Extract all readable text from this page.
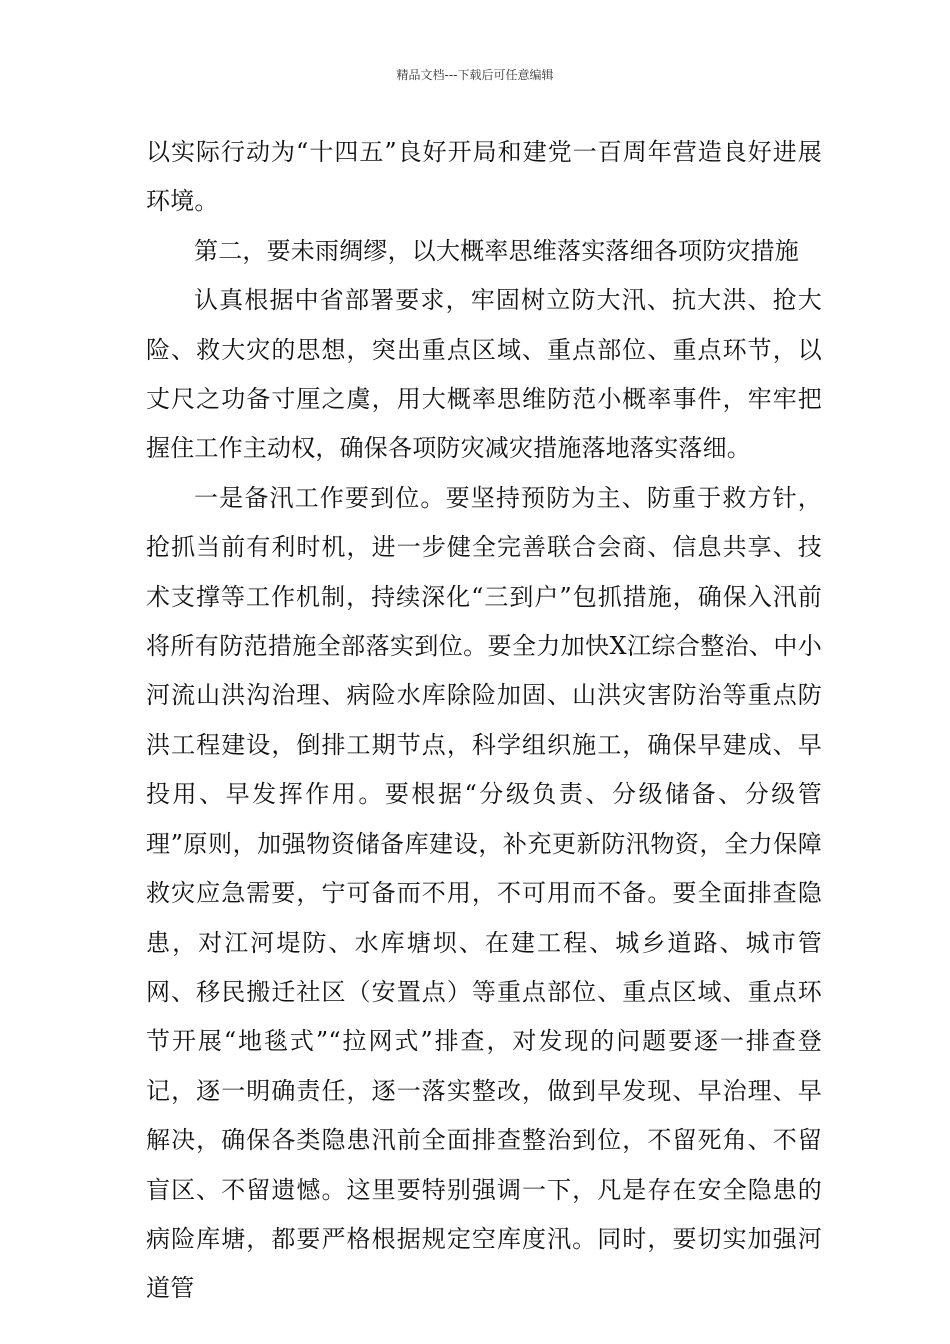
精品文档---下载后可任意编辑

以实际行动为“十四五”良好开局和建党一百周年营造良好进展环境。

第二，要未雨绸缪，以大概率思维落实落细各项防灾措施

认真根据中省部署要求，牢固树立防大汛、抗大洪、抢大险、救大灾的思想，突出重点区域、重点部位、重点环节，以丈尺之功备寸厘之虞，用大概率思维防范小概率事件，牢牢把握住工作主动权，确保各项防灾减灾措施落地落实落细。

一是备汛工作要到位。要坚持预防为主、防重于救方针，抢抓当前有利时机，进一步健全完善联合会商、信息共享、技术支撑等工作机制，持续深化“三到户”包抓措施，确保入汛前将所有防范措施全部落实到位。要全力加快X江综合整治、中小河流山洪沟治理、病险水库除险加固、山洪灾害防治等重点防洪工程建设，倒排工期节点，科学组织施工，确保早建成、早投用、早发挥作用。要根据“分级负责、分级储备、分级管理”原则，加强物资储备库建设，补充更新防汛物资，全力保障救灾应急需要，宁可备而不用，不可用而不备。要全面排查隐患，对江河堤防、水库塘坝、在建工程、城乡道路、城市管网、移民搬迁社区（安置点）等重点部位、重点区域、重点环节开展“地毯式”“拉网式”排查，对发现的问题要逐一排查登记，逐一明确责任，逐一落实整改，做到早发现、早治理、早解决，确保各类隐患汛前全面排查整治到位，不留死角、不留盲区、不留遗憾。这里要特别强调一下，凡是存在安全隐患的病险库塘，都要严格根据规定空库度汛。同时，要切实加强河道管
